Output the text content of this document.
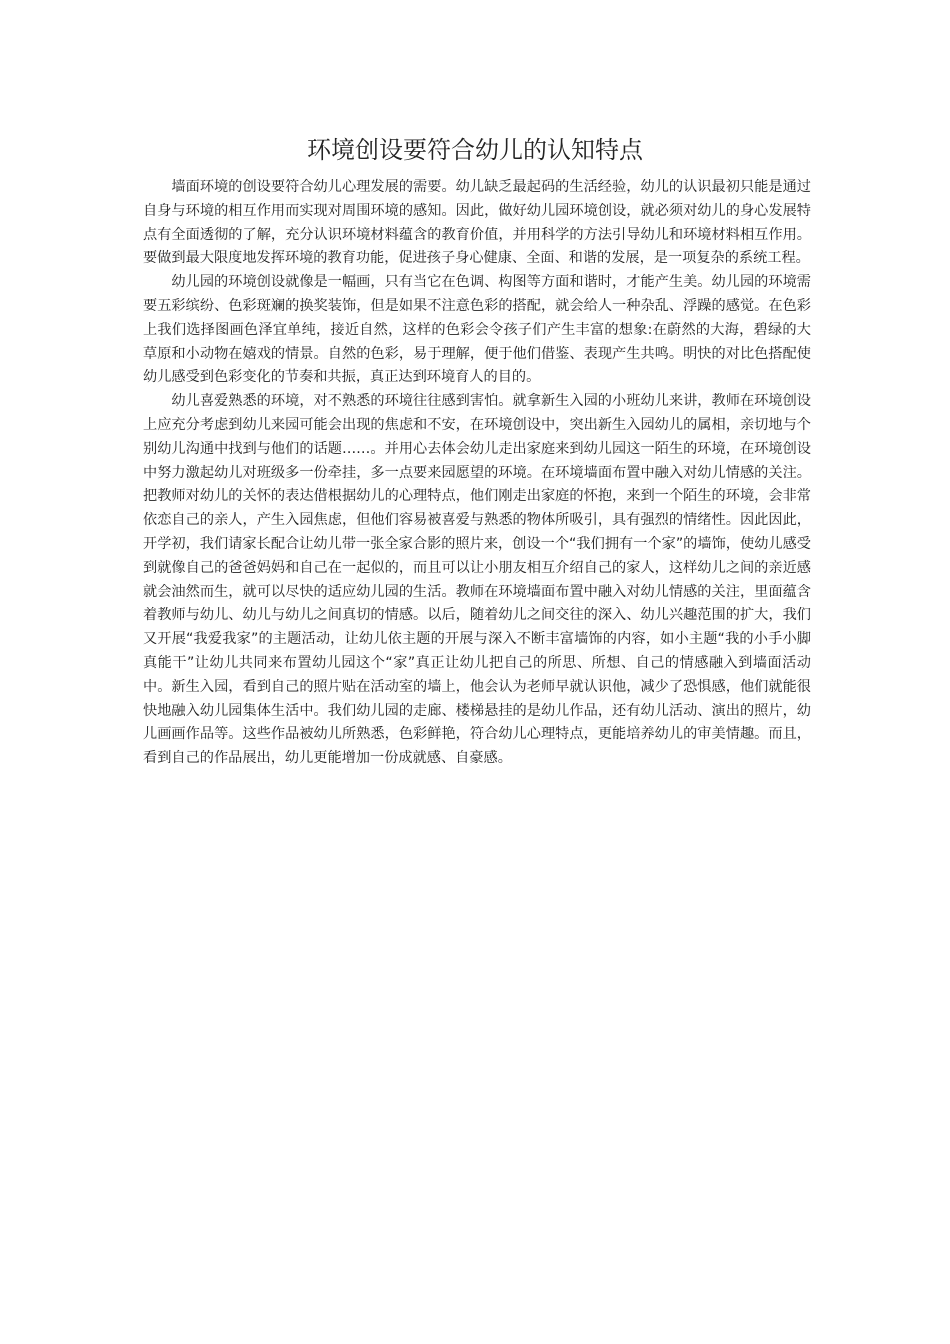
环境创设要符合幼儿的认知特点

墙面环境的创设要符合幼儿心理发展的需要。幼儿缺乏最起码的生活经验，幼儿的认识最初只能是通过自身与环境的相互作用而实现对周围环境的感知。因此，做好幼儿园环境创设，就必须对幼儿的身心发展特点有全面透彻的了解，充分认识环境材料蕴含的教育价值，并用科学的方法引导幼儿和环境材料相互作用。要做到最大限度地发挥环境的教育功能，促进孩子身心健康、全面、和谐的发展，是一项复杂的系统工程。

幼儿园的环境创设就像是一幅画，只有当它在色调、构图等方面和谐时，才能产生美。幼儿园的环境需要五彩缤纷、色彩斑斓的换奖装饰，但是如果不注意色彩的搭配，就会给人一种杂乱、浮躁的感觉。在色彩上我们选择图画色泽宜单纯，接近自然，这样的色彩会令孩子们产生丰富的想象:在蔚然的大海，碧绿的大草原和小动物在嬉戏的情景。自然的色彩，易于理解，便于他们借鉴、表现产生共鸣。明快的对比色搭配使幼儿感受到色彩变化的节奏和共振，真正达到环境育人的目的。

幼儿喜爱熟悉的环境，对不熟悉的环境往往感到害怕。就拿新生入园的小班幼儿来讲，教师在环境创设上应充分考虑到幼儿来园可能会出现的焦虑和不安，在环境创设中，突出新生入园幼儿的属相，亲切地与个别幼儿沟通中找到与他们的话题……。并用心去体会幼儿走出家庭来到幼儿园这一陌生的环境，在环境创设中努力激起幼儿对班级多一份牵挂，多一点要来园愿望的环境。在环境墙面布置中融入对幼儿情感的关注。把教师对幼儿的关怀的表达借根据幼儿的心理特点，他们刚走出家庭的怀抱，来到一个陌生的环境，会非常依恋自己的亲人，产生入园焦虑，但他们容易被喜爱与熟悉的物体所吸引，具有强烈的情绪性。因此因此，开学初，我们请家长配合让幼儿带一张全家合影的照片来，创设一个“我们拥有一个家”的墙饰，使幼儿感受到就像自己的爸爸妈妈和自己在一起似的，而且可以让小朋友相互介绍自己的家人，这样幼儿之间的亲近感就会油然而生，就可以尽快的适应幼儿园的生活。教师在环境墙面布置中融入对幼儿情感的关注，里面蕴含着教师与幼儿、幼儿与幼儿之间真切的情感。以后，随着幼儿之间交往的深入、幼儿兴趣范围的扩大，我们又开展“我爱我家”的主题活动，让幼儿依主题的开展与深入不断丰富墙饰的内容，如小主题“我的小手小脚真能干”让幼儿共同来布置幼儿园这个“家”真正让幼儿把自己的所思、所想、自己的情感融入到墙面活动中。新生入园，看到自己的照片贴在活动室的墙上，他会认为老师早就认识他，减少了恐惧感，他们就能很快地融入幼儿园集体生活中。我们幼儿园的走廊、楼梯悬挂的是幼儿作品，还有幼儿活动、演出的照片，幼儿画画作品等。这些作品被幼儿所熟悉，色彩鲜艳，符合幼儿心理特点，更能培养幼儿的审美情趣。而且，看到自己的作品展出，幼儿更能增加一份成就感、自豪感。
